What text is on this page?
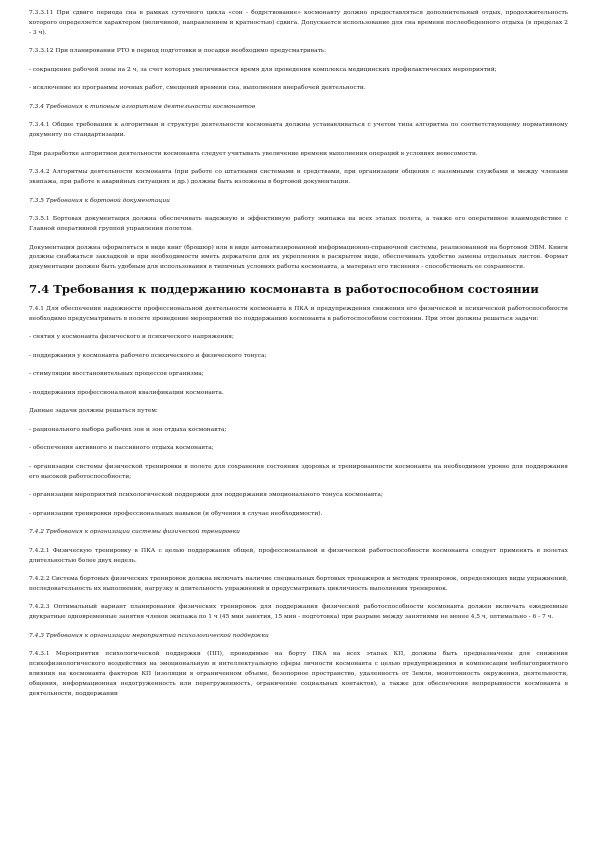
7.3.3.11 При сдвиге периода сна в рамках суточного цикла «сон - бодрствование» космонавту должно предоставляться дополнительный отдых, продолжительность которого определяется характером (величиной, направлением и кратностью) сдвига. Допускается использование для сна времени послеобеденного отдыха (в пределах 2 - 3 ч).

7.3.3.12 При планировании РТО в период подготовки и посадки необходимо предусматривать:

- сокращение рабочей зоны на 2 ч, за счет которых увеличивается время для проведения комплекса медицинских профилактических мероприятий;

- исключение из программы ночных работ, смещений времени сна, выполнения внерабочей деятельности.

7.3.4 Требования к типовым алгоритмам деятельности космонавтов

7.3.4.1 Общие требования к алгоритмам и структуре деятельности космонавта должны устанавливаться с учетом типа алгоритма по соответствующему нормативному документу по стандартизации.

При разработке алгоритмов деятельности космонавта следует учитывать увеличение времени выполнения операций в условиях невесомости.

7.3.4.2 Алгоритмы деятельности космонавта (при работе со штатными системами и средствами, при организации общения с наземными службами и между членами экипажа, при работе в аварийных ситуациях и др.) должны быть изложены в бортовой документации.

7.3.5 Требования к бортовой документации

7.3.5.1 Бортовая документация должна обеспечивать надежную и эффективную работу экипажа на всех этапах полета, а также его оперативное взаимодействие с Главной оперативной группой управления полетом.

Документация должна оформляться в виде книг (брошюр) или в виде автоматизированной информационно-справочной системы, реализованной на бортовой ЭВМ. Книги должны снабжаться закладкой и при необходимости иметь держатели для их укрепления в раскрытом виде, обеспечивать удобство замены отдельных листов. Формат документации должен быть удобным для использования в типичных условиях работы космонавта, а материал его тиснения - способствовать ее сохранности.

7.4 Требования к поддержанию космонавта в работоспособном состоянии

7.4.1 Для обеспечения надежности профессиональной деятельности космонавта в ПКА и предупреждения снижения его физической и психической работоспособности необходимо предусматривать в полете проведение мероприятий по поддержанию космонавта в работоспособном состоянии. При этом должны решаться задачи:

- снятия у космонавта физического и психического напряжения;

- поддержания у космонавта рабочего психического и физического тонуса;

- стимуляции восстановительных процессов организма;

- поддержания профессиональной квалификации космонавта.

Данные задачи должны решаться путем:

- рационального выбора рабочих зон и зон отдыха космонавта;

- обеспечения активного и пассивного отдыха космонавта;

- организации системы физической тренировки в полете для сохранения состояния здоровья и тренированности космонавта на необходимом уровне для поддержания его высокой работоспособности;

- организации мероприятий психологической поддержки для поддержания эмоционального тонуса космонавта;

- организации тренировки профессиональных навыков (и обучения в случае необходимости).

7.4.2 Требования к организации системы физической тренировки

7.4.2.1 Физическую тренировку в ПКА с целью поддержания общей, профессиональной и физической работоспособности космонавта следует применять в полетах длительностью более двух недель.

7.4.2.2 Система бортовых физических тренировок должна включать наличие специальных бортовых тренажеров и методик тренировок, определяющих виды упражнений, последовательность их выполнения, нагрузку и длительность упражнений и предусматривать цикличность выполнения тренировок.

7.4.2.3 Оптимальный вариант планирования физических тренировок для поддержания физической работоспособности космонавта должен включать ежедневные двукратные одновременные занятия членов экипажа по 1 ч (45 мин занятия, 15 мин - подготовка) при разрыве между занятиями не менее 4,5 ч, оптимально - 6 - 7 ч.

7.4.3 Требования к организации мероприятий психологической поддержки

7.4.3.1 Мероприятия психологической поддержки (ПП), проводимые на борту ПКА на всех этапах КП, должны быть предназначены для снижения психофизиологического воздействия на эмоциональную и интеллектуальную сферы личности космонавта с целью предупреждения и компенсации неблагоприятного влияния на космонавта факторов КП (изоляции в ограниченном объеме, безопорное пространство, удаленность от Земли, монотонность окружения, деятельности, общения, информационная недогруженность или перегруженность, ограничение социальных контактов), а также для обеспечения непрерывности космонавта в деятельности, поддержании
